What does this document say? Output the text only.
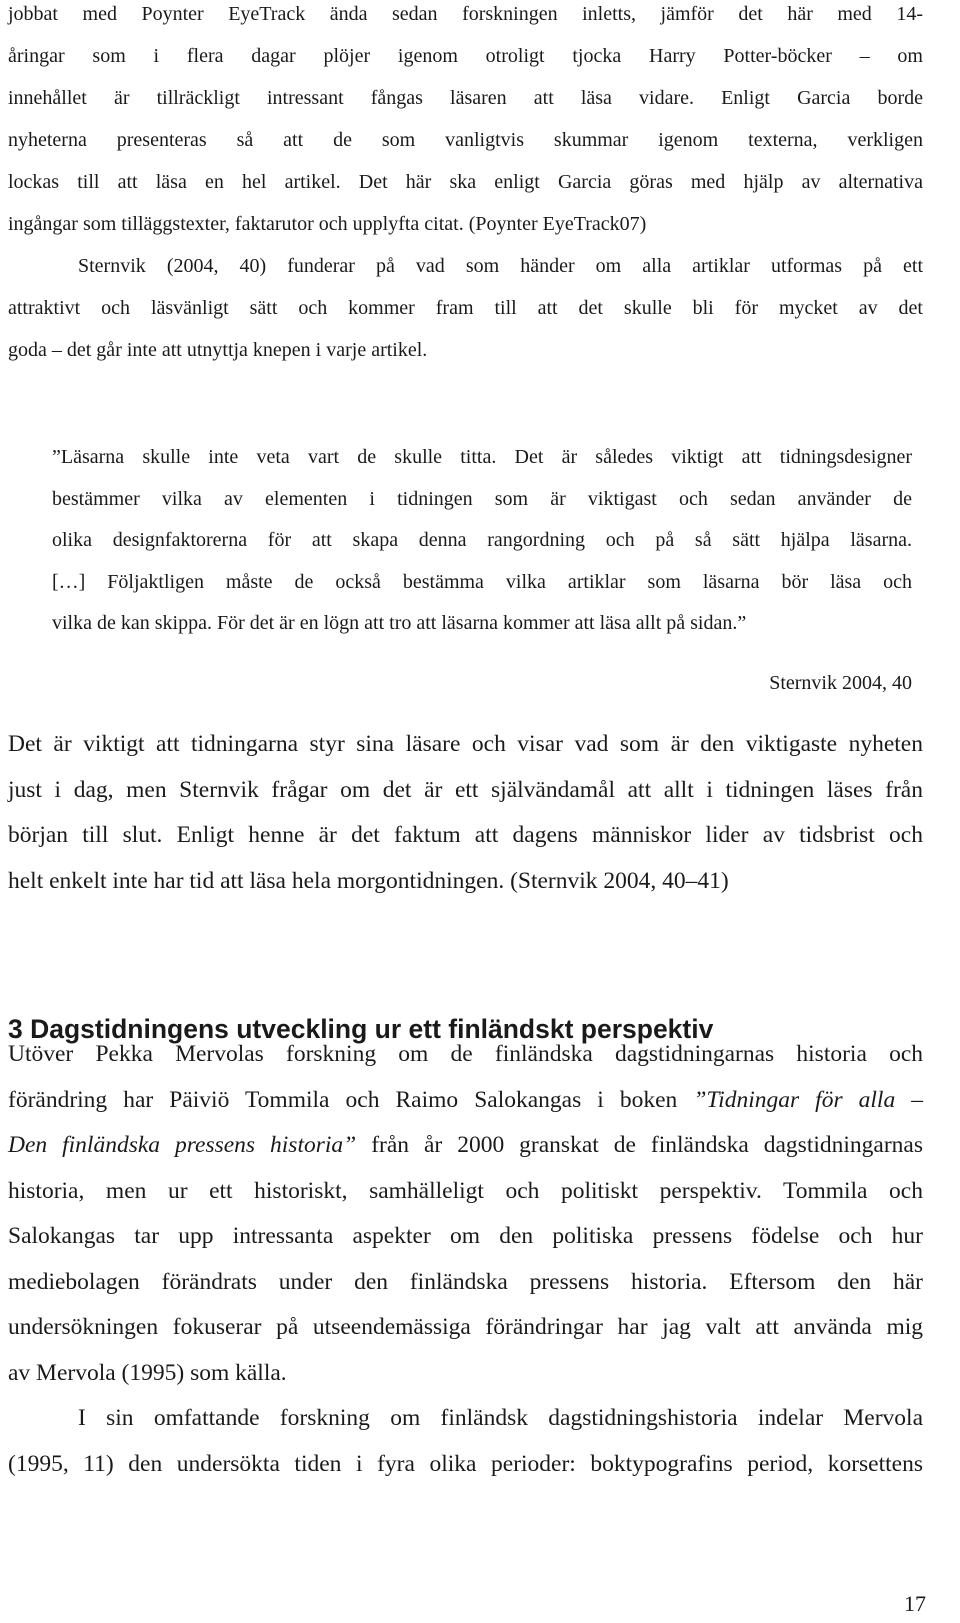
jobbat med Poynter EyeTrack ända sedan forskningen inletts, jämför det här med 14-
åringar som i flera dagar plöjer igenom otroligt tjocka Harry Potter-böcker – om
innehållet är tillräckligt intressant fångas läsaren att läsa vidare. Enligt Garcia borde
nyheterna presenteras så att de som vanligtvis skummar igenom texterna, verkligen
lockas till att läsa en hel artikel. Det här ska enligt Garcia göras med hjälp av alternativa
ingångar som tilläggstexter, faktarutor och upplyfta citat. (Poynter EyeTrack07)
Sternvik (2004, 40) funderar på vad som händer om alla artiklar utformas på ett
attraktivt och läsvänligt sätt och kommer fram till att det skulle bli för mycket av det
goda – det går inte att utnyttja knepen i varje artikel.
”Läsarna skulle inte veta vart de skulle titta. Det är således viktigt att tidningsdesigner
bestämmer vilka av elementen i tidningen som är viktigast och sedan använder de
olika designfaktorerna för att skapa denna rangordning och på så sätt hjälpa läsarna.
[…] Följaktligen måste de också bestämma vilka artiklar som läsarna bör läsa och
vilka de kan skippa. För det är en lögn att tro att läsarna kommer att läsa allt på sidan.”
Sternvik 2004, 40
Det är viktigt att tidningarna styr sina läsare och visar vad som är den viktigaste nyheten
just i dag, men Sternvik frågar om det är ett självändamål att allt i tidningen läses från
början till slut. Enligt henne är det faktum att dagens människor lider av tidsbrist och
helt enkelt inte har tid att läsa hela morgontidningen. (Sternvik 2004, 40–41)
3 Dagstidningens utveckling ur ett finländskt perspektiv
Utöver Pekka Mervolas forskning om de finländska dagstidningarnas historia och
förändring har Päiviö Tommila och Raimo Salokangas i boken ”Tidningar för alla –
Den finländska pressens historia” från år 2000 granskat de finländska dagstidningarnas
historia, men ur ett historiskt, samhälleligt och politiskt perspektiv. Tommila och
Salokangas tar upp intressanta aspekter om den politiska pressens födelse och hur
mediebolagen förändrats under den finländska pressens historia. Eftersom den här
undersökningen fokuserar på utseendemässiga förändringar har jag valt att använda mig
av Mervola (1995) som källa.
I sin omfattande forskning om finländsk dagstidningshistoria indelar Mervola
(1995, 11) den undersökta tiden i fyra olika perioder: boktypografins period, korsettens
17
